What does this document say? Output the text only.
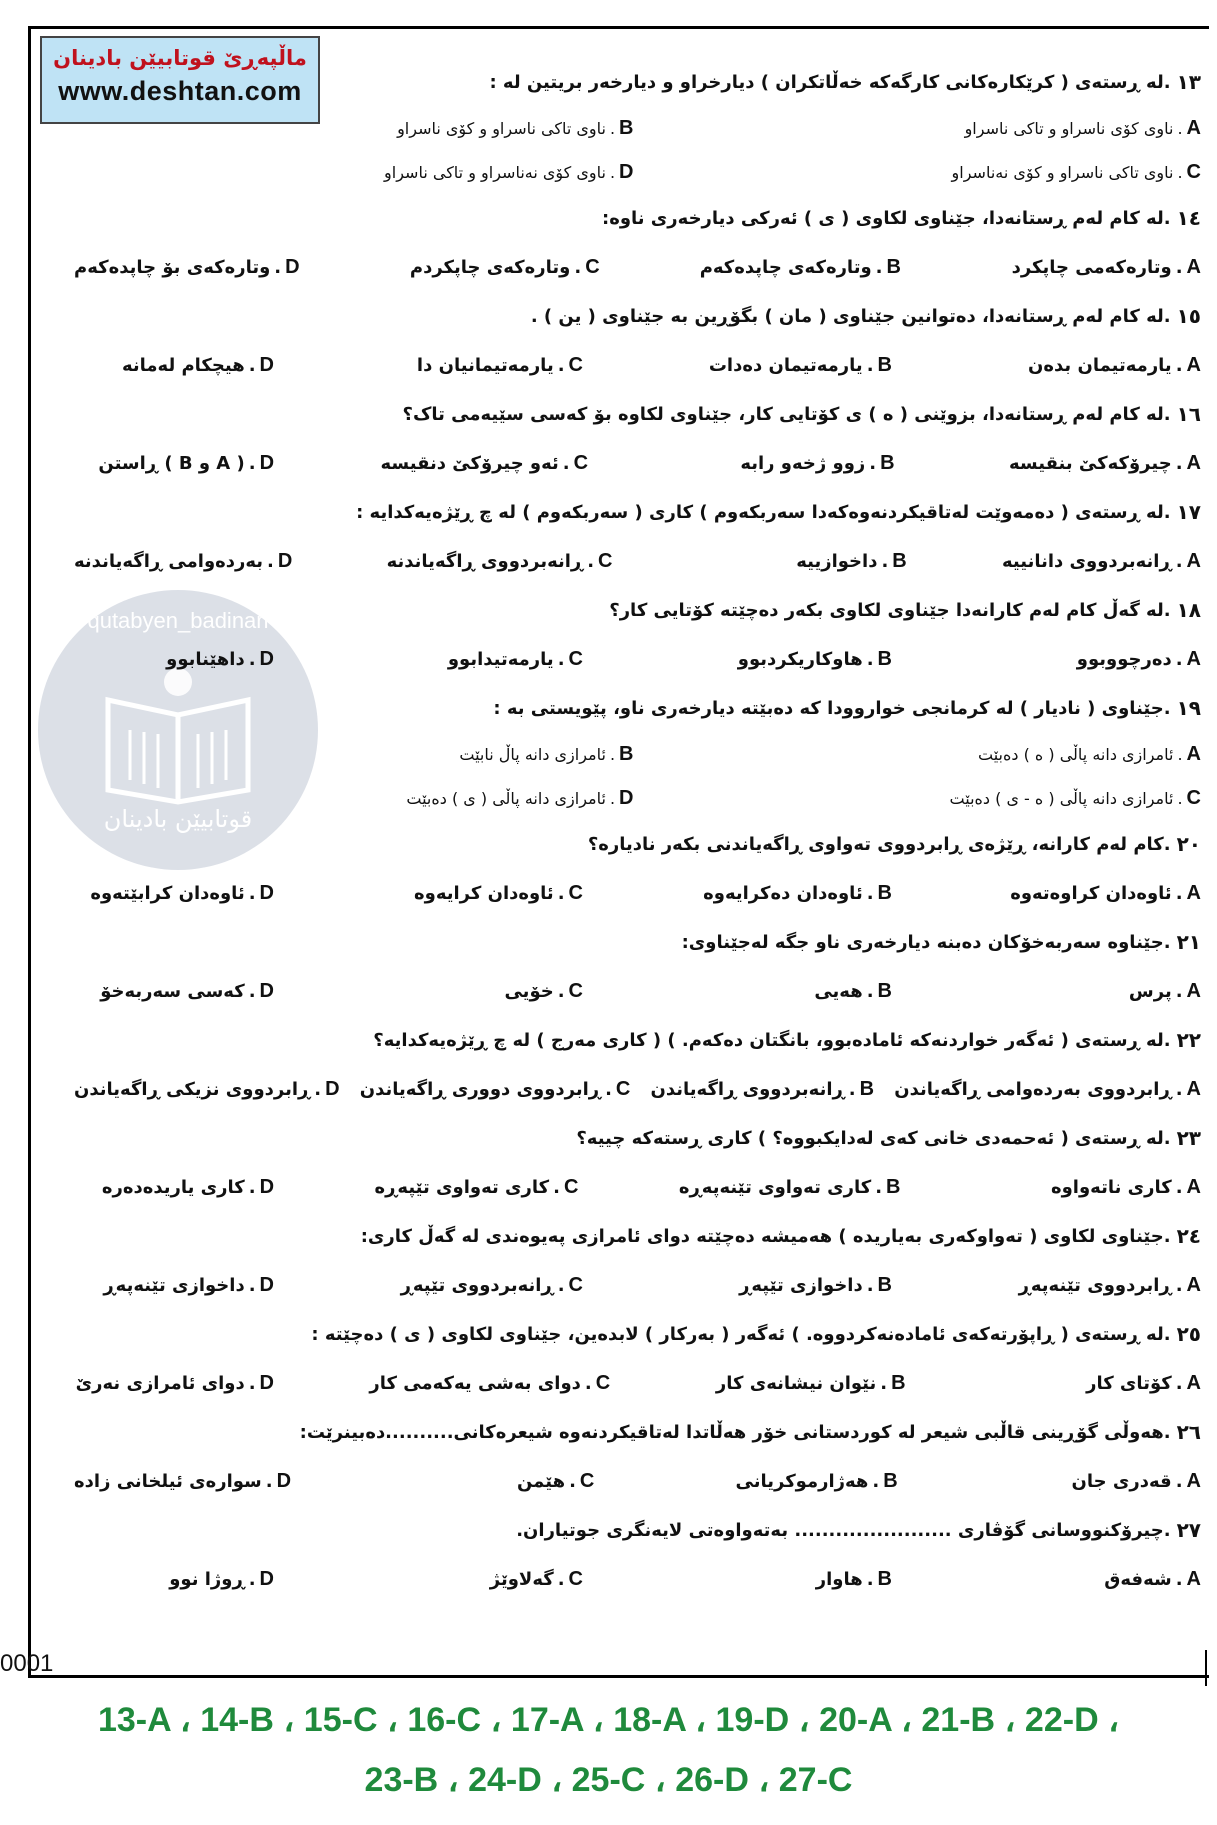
qutabyen_badinan
قوتابیێن بادینان
ماڵپەڕێ قوتابیێن بادینان
www.deshtan.com	١٣
.لە ڕستەی ( کرێکارەکانی کارگەکە خەڵاتکران ) دیارخراو و دیارخەر بریتین لە :
A
.
ناوی کۆی ناسراو و تاکی ناسراو
B
.
ناوی تاکی ناسراو و کۆی ناسراو
C
.
ناوی تاکی ناسراو و کۆی نەناسراو
D
.
ناوی کۆی نەناسراو و تاکی ناسراو
١٤
.لە کام لەم ڕستانەدا، جێناوی لکاوی ( ی ) ئەرکی دیارخەری ناوە:
A
.
وتارەکەمی چاپکرد
B
.
وتارەکەی چاپدەکەم
C
.
وتارەکەی چاپکردم
D
.
وتارەکەی بۆ چاپدەکەم
١٥
.لە کام لەم ڕستانەدا، دەتوانین جێناوی ( مان ) بگۆڕین بە جێناوی ( ین ) .
A
.
یارمەتیمان بدەن
B
.
یارمەتیمان دەدات
C
.
یارمەتیمانیان دا
D
.
هیچکام لەمانە
١٦
.لە کام لەم ڕستانەدا، بزوێنی ( ە ) ی کۆتایی کار، جێناوی لکاوە بۆ کەسی سێیەمی تاک؟
A
.
چیرۆکەکێ بنقیسە
B
.
زوو ژخەو رابە
C
.
ئەو چیرۆکێ دنقیسە
D
.
( A و B ) ڕاستن
١٧
.لە ڕستەی ( دەمەوێت لەتاقیکردنەوەکەدا سەربکەوم ) کاری ( سەربکەوم ) لە چ ڕێژەیەکدایە :
A
.
ڕانەبردووی دانانییە
B
.
داخوازییە
C
.
ڕانەبردووی ڕاگەیاندنە
D
.
بەردەوامی ڕاگەیاندنە
١٨
.لە گەڵ کام لەم کارانەدا جێناوی لکاوی بکەر دەچێتە کۆتایی کار؟
A
.
دەرچووبوو
B
.
هاوکاریکردبوو
C
.
یارمەتیدابوو
D
.
داهێنابوو
١٩
.جێناوی ( نادیار ) لە کرمانجی خواروودا کە دەبێتە دیارخەری ناو، پێویستی بە :
A
.
ئامرازی دانە پاڵی ( ە ) دەبێت
B
.
ئامرازی دانە پاڵ نابێت
C
.
ئامرازی دانە پاڵی ( ە - ی ) دەبێت
D
.
ئامرازی دانە پاڵی ( ی ) دەبێت
٢٠
.کام لەم کارانە، ڕێژەی ڕابردووی تەواوی ڕاگەیاندنی بکەر نادیارە؟
A
.
ئاوەدان کراوەتەوە
B
.
ئاوەدان دەکرایەوە
C
.
ئاوەدان کرایەوە
D
.
ئاوەدان کرابێتەوە
٢١
.جێناوە سەربەخۆکان دەبنە دیارخەری ناو جگە لەجێناوی:
A
.
پرس
B
.
هەیی
C
.
خۆیی
D
.
کەسی سەربەخۆ
٢٢
.لە ڕستەی ( ئەگەر خواردنەکە ئامادەبوو، بانگتان دەکەم. ) ( کاری مەرج ) لە چ ڕێژەیەکدایە؟
A
.
ڕابردووی بەردەوامی ڕاگەیاندن
B
.
ڕانەبردووی ڕاگەیاندن
C
.
ڕابردووی دووری ڕاگەیاندن
D
.
ڕابردووی نزیکی ڕاگەیاندن
٢٣
.لە ڕستەی ( ئەحمەدی خانی کەی لەدایکبووە؟ ) کاری ڕستەکە چییە؟
A
.
کاری ناتەواوە
B
.
کاری تەواوی تێنەپەڕە
C
.
کاری تەواوی تێپەڕە
D
.
کاری یاریدەدەرە
٢٤
.جێناوی لکاوی ( تەواوکەری بەیاریدە ) هەمیشە دەچێتە دوای ئامرازی پەیوەندی لە گەڵ کاری:
A
.
ڕابردووی تێنەپەڕ
B
.
داخوازی تێپەڕ
C
.
ڕانەبردووی تێپەڕ
D
.
داخوازی تێنەپەڕ
٢٥
.لە ڕستەی ( ڕاپۆرتەکەی ئامادەنەکردووە. ) ئەگەر ( بەرکار ) لابدەین، جێناوی لکاوی ( ی ) دەچێتە :
A
.
کۆتای کار
B
.
نێوان نیشانەی کار
C
.
دوای بەشی یەکەمی کار
D
.
دوای ئامرازی نەرێ
٢٦
.هەوڵی گۆڕینی قاڵبی شیعر لە کوردستانی خۆر هەڵاتدا لەتاقیکردنەوە شیعرەکانی..........دەبینرێت:
A
.
قەدری جان
B
.
هەژارموکریانی
C
.
هێمن
D
.
سوارەی ئیلخانی زادە
٢٧
.چیرۆکنووسانی گۆڤاری ....................... بەتەواوەتی لایەنگری جوتیاران.
A
.
شەفەق
B
.
هاوار
C
.
گەلاوێژ
D
.
ڕوژا نوو
0001
13-A ، 14-B ، 15-C ، 16-C ، 17-A ، 18-A ، 19-D ، 20-A ، 21-B ، 22-D ،
23-B ، 24-D ، 25-C ، 26-D ، 27-C
